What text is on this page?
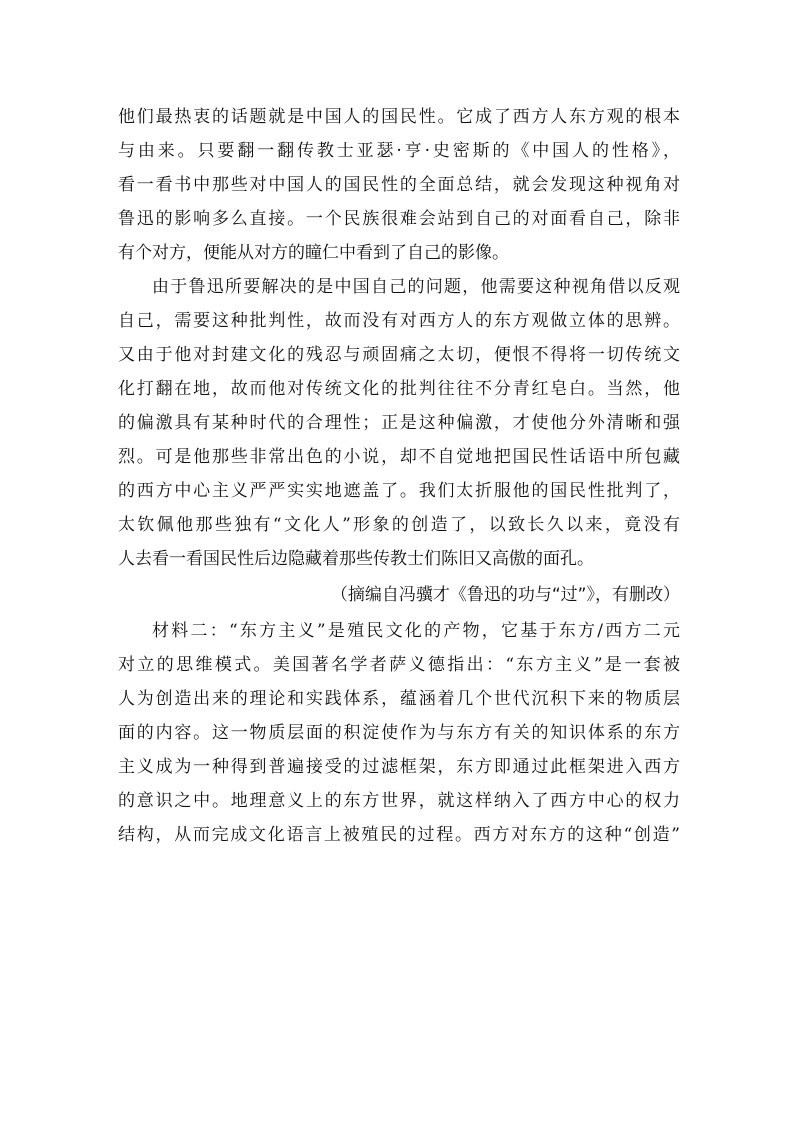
他们最热衷的话题就是中国人的国民性。它成了西方人东方观的根本
与由来。只要翻一翻传教士亚瑟·亨·史密斯的《中国人的性格》，
看一看书中那些对中国人的国民性的全面总结，就会发现这种视角对
鲁迅的影响多么直接。一个民族很难会站到自己的对面看自己，除非
有个对方，便能从对方的瞳仁中看到了自己的影像。
由于鲁迅所要解决的是中国自己的问题，他需要这种视角借以反观
自己，需要这种批判性，故而没有对西方人的东方观做立体的思辨。
又由于他对封建文化的残忍与顽固痛之太切，便恨不得将一切传统文
化打翻在地，故而他对传统文化的批判往往不分青红皂白。当然，他
的偏激具有某种时代的合理性；正是这种偏激，才使他分外清晰和强
烈。可是他那些非常出色的小说，却不自觉地把国民性话语中所包藏
的西方中心主义严严实实地遮盖了。我们太折服他的国民性批判了，
太钦佩他那些独有“文化人”形象的创造了，以致长久以来，竟没有
人去看一看国民性后边隐藏着那些传教士们陈旧又高傲的面孔。
（摘编自冯骥才《鲁迅的功与“过”》，有删改）
材料二：“东方主义”是殖民文化的产物，它基于东方/西方二元
对立的思维模式。美国著名学者萨义德指出：“东方主义”是一套被
人为创造出来的理论和实践体系，蕴涵着几个世代沉积下来的物质层
面的内容。这一物质层面的积淀使作为与东方有关的知识体系的东方
主义成为一种得到普遍接受的过滤框架，东方即通过此框架进入西方
的意识之中。地理意义上的东方世界，就这样纳入了西方中心的权力
结构，从而完成文化语言上被殖民的过程。西方对东方的这种“创造”
